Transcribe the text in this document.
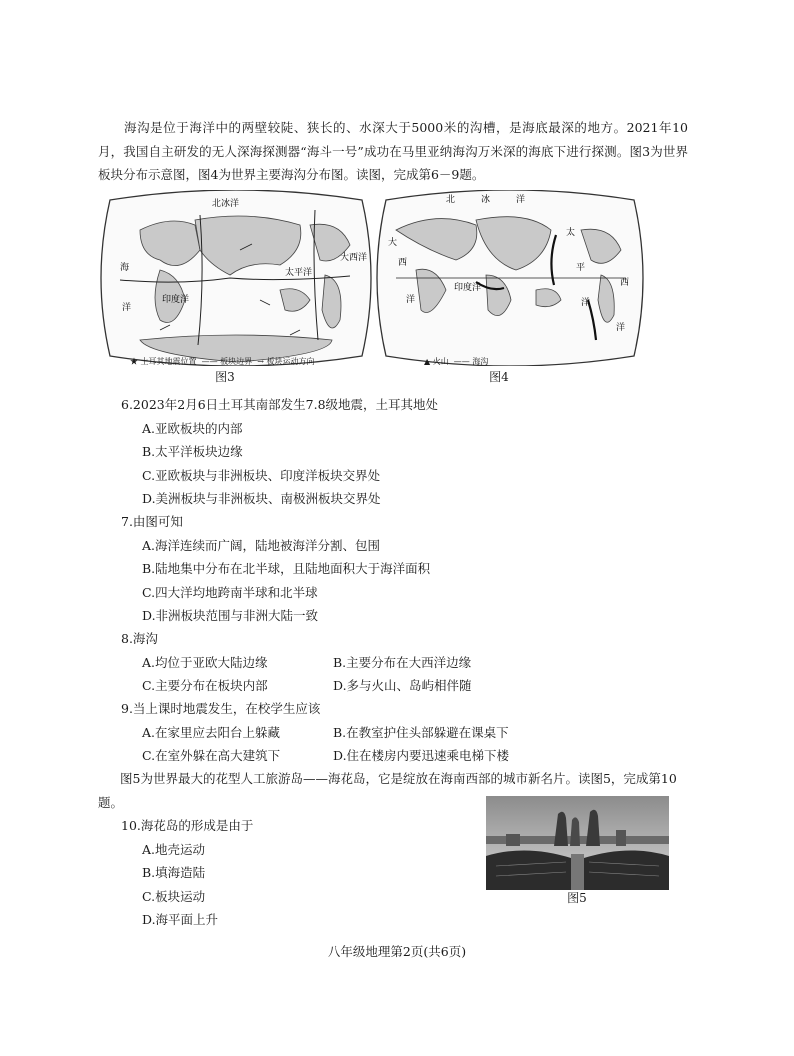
海沟是位于海洋中的两壁较陡、狭长的、水深大于5000米的沟槽，是海底最深的地方。2021年10月，我国自主研发的无人深海探测器“海斗一号”成功在马里亚纳海沟万米深的海底下进行探测。图3为世界板块分布示意图，图4为世界主要海沟分布图。读图，完成第6－9题。

北冰洋
太平洋
印度洋
海
洋
大西洋
★ 土耳其地震位置 —— 板块边界 → 板块运动方向
图3
北	冰	洋
太
平
洋
大
西
洋
印度洋
洋
西
▲ 火山 —— 海沟
图4
6.2023年2月6日土耳其南部发生7.8级地震，土耳其地处
A.亚欧板块的内部
B.太平洋板块边缘
C.亚欧板块与非洲板块、印度洋板块交界处
D.美洲板块与非洲板块、南极洲板块交界处
7.由图可知
A.海洋连续而广阔，陆地被海洋分割、包围
B.陆地集中分布在北半球，且陆地面积大于海洋面积
C.四大洋均地跨南半球和北半球
D.非洲板块范围与非洲大陆一致
8.海沟
A.均位于亚欧大陆边缘	B.主要分布在大西洋边缘
C.主要分布在板块内部	D.多与火山、岛屿相伴随
9.当上课时地震发生，在校学生应该
A.在家里应去阳台上躲藏	B.在教室护住头部躲避在课桌下
C.在室外躲在高大建筑下	D.住在楼房内要迅速乘电梯下楼

图5为世界最大的花型人工旅游岛——海花岛，它是绽放在海南西部的城市新名片。读图5，完成第10题。

10.海花岛的形成是由于
A.地壳运动
B.填海造陆
C.板块运动
D.海平面上升
图5
八年级地理第2页(共6页)
